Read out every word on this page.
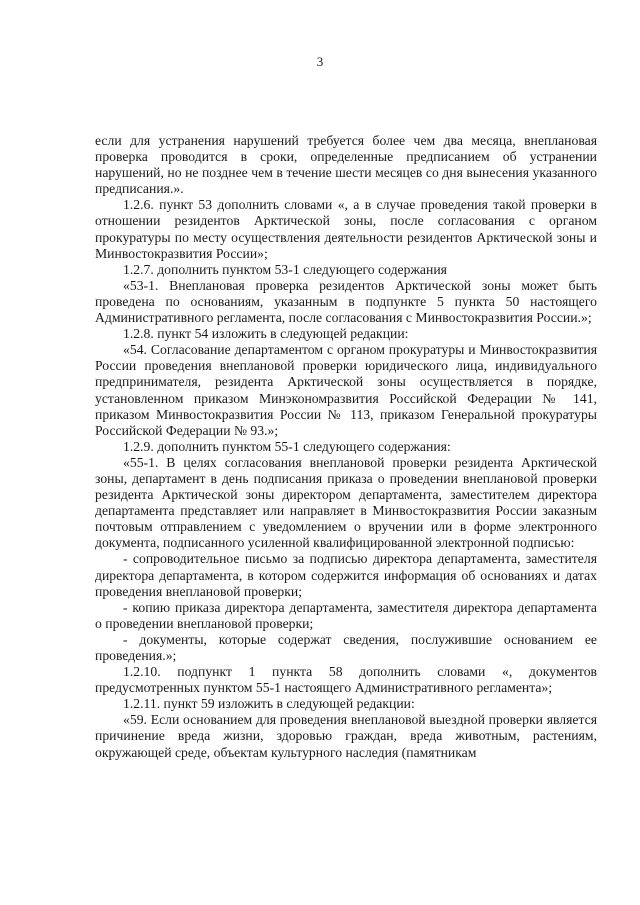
3

если для устранения нарушений требуется более чем два месяца, внеплановая проверка проводится в сроки, определенные предписанием об устранении нарушений, но не позднее чем в течение шести месяцев со дня вынесения указанного предписания.».

1.2.6. пункт 53 дополнить словами «, а в случае проведения такой проверки в отношении резидентов Арктической зоны, после согласования с органом прокуратуры по месту осуществления деятельности резидентов Арктической зоны и Минвостокразвития России»;

1.2.7. дополнить пунктом 53-1 следующего содержания

«53-1. Внеплановая проверка резидентов Арктической зоны может быть проведена по основаниям, указанным в подпункте 5 пункта 50 настоящего Административного регламента, после согласования с Минвостокразвития России.»;

1.2.8. пункт 54 изложить в следующей редакции:

«54. Согласование департаментом с органом прокуратуры и Минвостокразвития России проведения внеплановой проверки юридического лица, индивидуального предпринимателя, резидента Арктической зоны осуществляется в порядке, установленном приказом Минэкономразвития Российской Федерации № 141, приказом Минвостокразвития России № 113, приказом Генеральной прокуратуры Российской Федерации № 93.»;

1.2.9. дополнить пунктом 55-1 следующего содержания:

«55-1. В целях согласования внеплановой проверки резидента Арктической зоны, департамент в день подписания приказа о проведении внеплановой проверки резидента Арктической зоны директором департамента, заместителем директора департамента представляет или направляет в Минвостокразвития России заказным почтовым отправлением с уведомлением о вручении или в форме электронного документа, подписанного усиленной квалифицированной электронной подписью:

- сопроводительное письмо за подписью директора департамента, заместителя директора департамента, в котором содержится информация об основаниях и датах проведения внеплановой проверки;

- копию приказа директора департамента, заместителя директора департамента о проведении внеплановой проверки;

- документы, которые содержат сведения, послужившие основанием ее проведения.»;

1.2.10. подпункт 1 пункта 58 дополнить словами «, документов предусмотренных пунктом 55-1 настоящего Административного регламента»;

1.2.11. пункт 59 изложить в следующей редакции:

«59. Если основанием для проведения внеплановой выездной проверки является причинение вреда жизни, здоровью граждан, вреда животным, растениям, окружающей среде, объектам культурного наследия (памятникам
